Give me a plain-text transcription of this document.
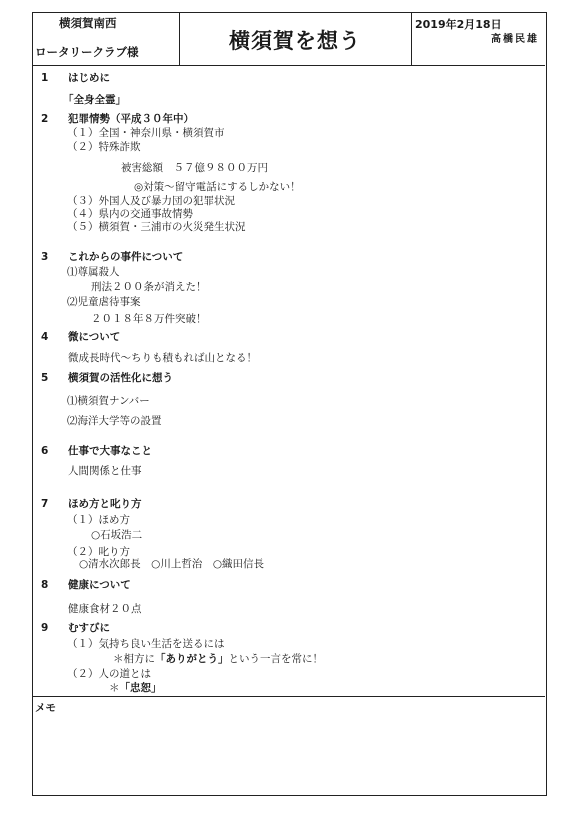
横須賀南西
ロータリークラブ様	横須賀を想う
2019年2月18日
高橋民雄
1 はじめに
「全身全霊」
2 犯罪情勢（平成３０年中）
（１）全国・神奈川県・横須賀市
（２）特殊詐欺
被害総額　５７億９８００万円
◎対策～留守電話にするしかない！
（３）外国人及び暴力団の犯罪状況
（４）県内の交通事故情勢
（５）横須賀・三浦市の火災発生状況
3 これからの事件について
⑴尊属殺人
刑法２００条が消えた！
⑵児童虐待事案
２０１８年８万件突破！
4 微について
微成長時代～ちりも積もれば山となる！
5 横須賀の活性化に想う
⑴横須賀ナンバー
⑵海洋大学等の設置
6 仕事で大事なこと
人間関係と仕事
7 ほめ方と叱り方
（１）ほめ方
○石坂浩二
（２）叱り方
○清水次郎長　○川上哲治　○織田信長
8 健康について
健康食材２０点
9 むすびに
（１）気持ち良い生活を送るには
＊相方に「ありがとう」という一言を常に！
（２）人の道とは
＊「忠恕」
メモ
